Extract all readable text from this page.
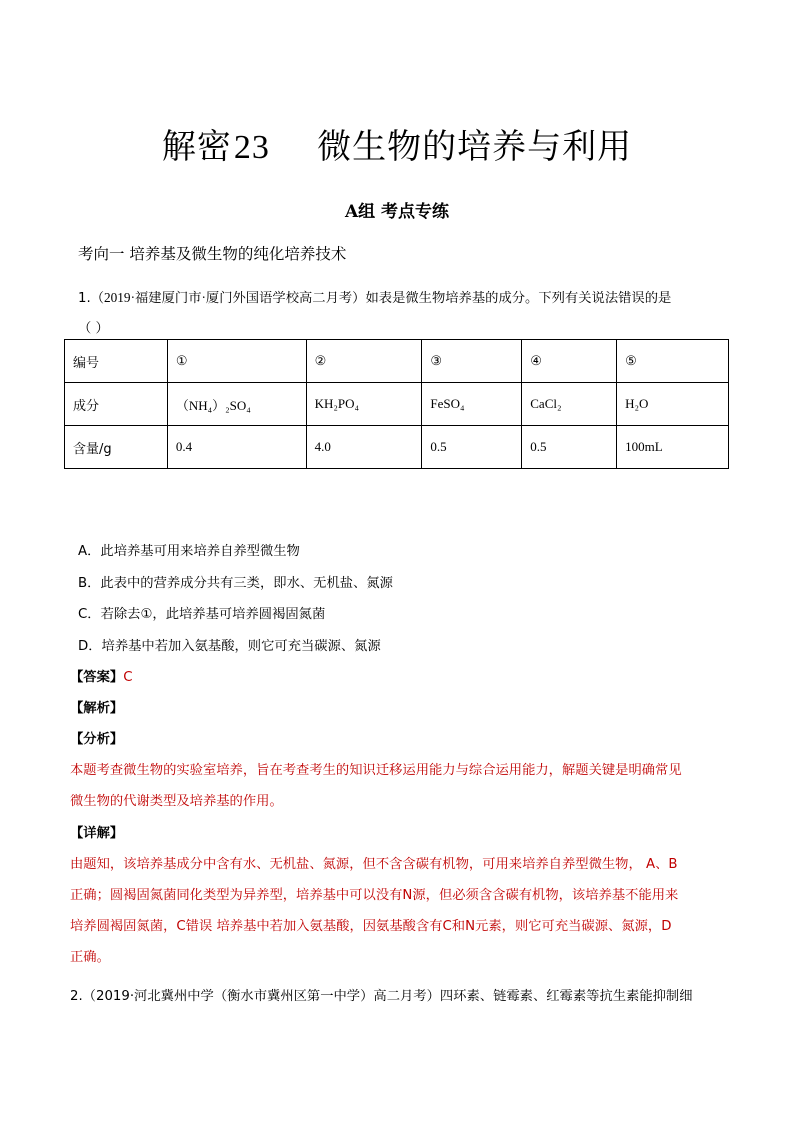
解密23 微生物的培养与利用
A组 考点专练
考向一 培养基及微生物的纯化培养技术
1.（2019·福建厦门市·厦门外国语学校高二月考）如表是微生物培养基的成分。下列有关说法错误的是
（ ）
编号	①	②	③	④	⑤
成分	（NH₄）₂SO₄	KH₂PO₄	FeSO₄	CaCl₂	H₂O
含量/g	0.4	4.0	0.5	0.5	100mL
A．此培养基可用来培养自养型微生物
B．此表中的营养成分共有三类，即水、无机盐、氮源
C．若除去①，此培养基可培养圆褐固氮菌
D．培养基中若加入氨基酸，则它可充当碳源、氮源
【答案】C
【解析】
【分析】
本题考查微生物的实验室培养，旨在考查考生的知识迁移运用能力与综合运用能力，解题关键是明确常见
微生物的代谢类型及培养基的作用。
【详解】
由题知，该培养基成分中含有水、无机盐、氮源，但不含含碳有机物，可用来培养自养型微生物， A、B
正确；圆褐固氮菌同化类型为异养型，培养基中可以没有N源，但必须含含碳有机物，该培养基不能用来
培养圆褐固氮菌，C错误 培养基中若加入氨基酸，因氨基酸含有C和N元素，则它可充当碳源、氮源，D
正确。
2.（2019·河北冀州中学（衡水市冀州区第一中学）高二月考）四环素、链霉素、红霉素等抗生素能抑制细
